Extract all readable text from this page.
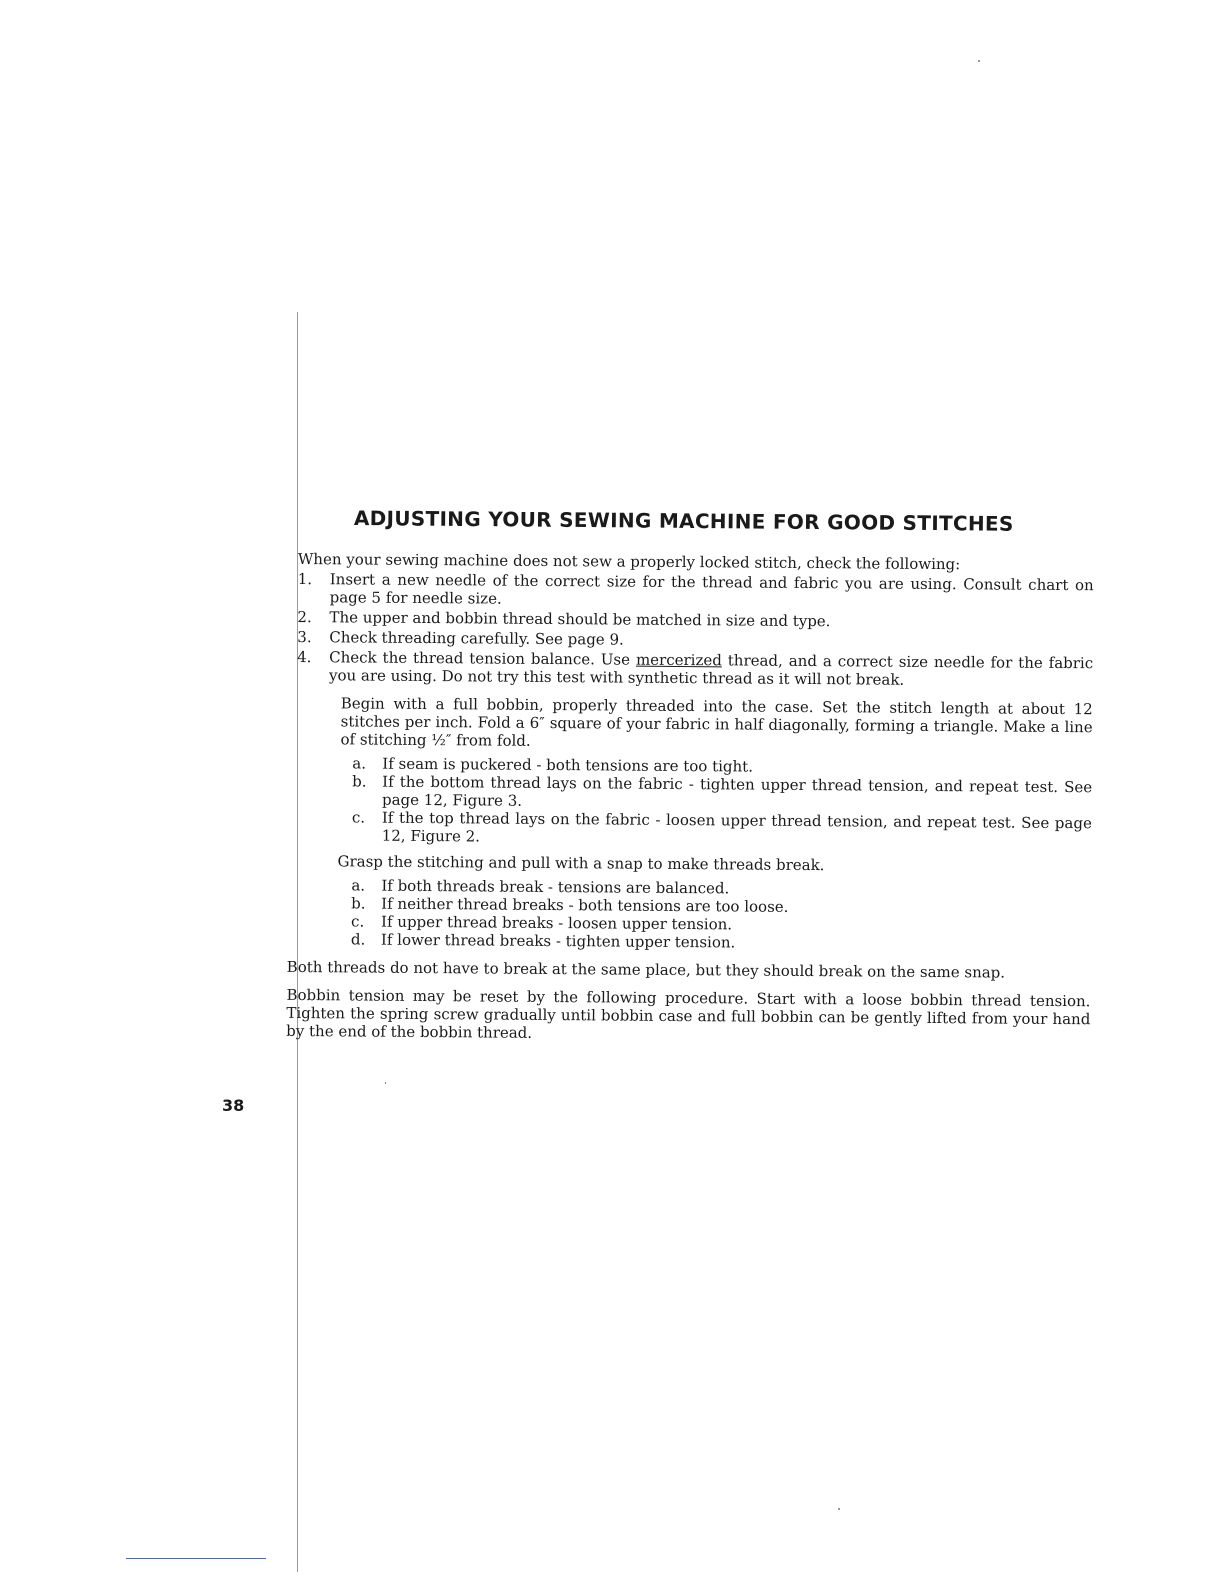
ADJUSTING YOUR SEWING MACHINE FOR GOOD STITCHES

When your sewing machine does not sew a properly locked stitch, check the following:

1.	Insert a new needle of the correct size for the thread and fabric you are using. Consult chart on page 5 for needle size.
2.	The upper and bobbin thread should be matched in size and type.
3.	Check threading carefully. See page 9.
4.	Check the thread tension balance. Use mercerized thread, and a correct size needle for the fabric you are using. Do not try this test with synthetic thread as it will not break.

Begin with a full bobbin, properly threaded into the case. Set the stitch length at about 12 stitches per inch. Fold a 6″ square of your fabric in half diagonally, forming a triangle. Make a line of stitching ½″ from fold.

a.	If seam is puckered - both tensions are too tight.
b.	If the bottom thread lays on the fabric - tighten upper thread tension, and repeat test. See page 12, Figure 3.
c.	If the top thread lays on the fabric - loosen upper thread tension, and repeat test. See page 12, Figure 2.

Grasp the stitching and pull with a snap to make threads break.

a.	If both threads break - tensions are balanced.
b.	If neither thread breaks - both tensions are too loose.
c.	If upper thread breaks - loosen upper tension.
d.	If lower thread breaks - tighten upper tension.

Both threads do not have to break at the same place, but they should break on the same snap.

Bobbin tension may be reset by the following procedure. Start with a loose bobbin thread tension. Tighten the spring screw gradually until bobbin case and full bobbin can be gently lifted from your hand by the end of the bobbin thread.

38
